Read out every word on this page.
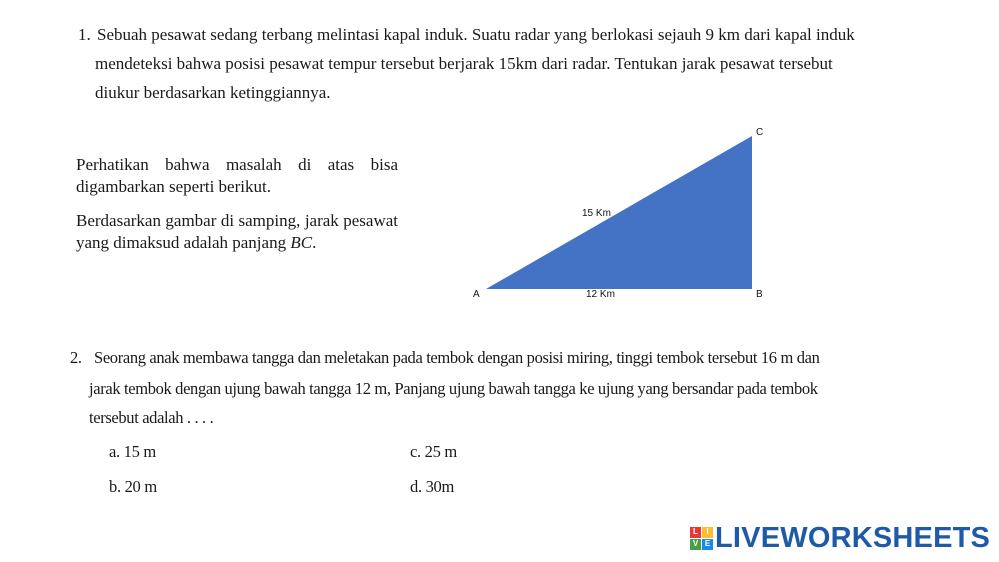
1. Sebuah pesawat sedang terbang melintasi kapal induk. Suatu radar yang berlokasi sejauh 9 km dari kapal induk
mendeteksi bahwa posisi pesawat tempur tersebut berjarak 15km dari radar. Tentukan jarak pesawat tersebut
diukur berdasarkan ketinggiannya.
Perhatikan bahwa masalah di atas bisa digambarkan seperti berikut.
Berdasarkan gambar di samping, jarak pesawat yang dimaksud adalah panjang BC.
A	B
C
15 Km
12 Km
2. Seorang anak membawa tangga dan meletakan pada tembok dengan posisi miring, tinggi tembok tersebut 16 m dan
jarak tembok dengan ujung bawah tangga 12 m, Panjang ujung bawah tangga ke ujung yang bersandar pada tembok
tersebut adalah . . . .
a. 15 m
b. 20 m
c. 25 m
d. 30m
L	I
V E LIVEWORKSHEETS
